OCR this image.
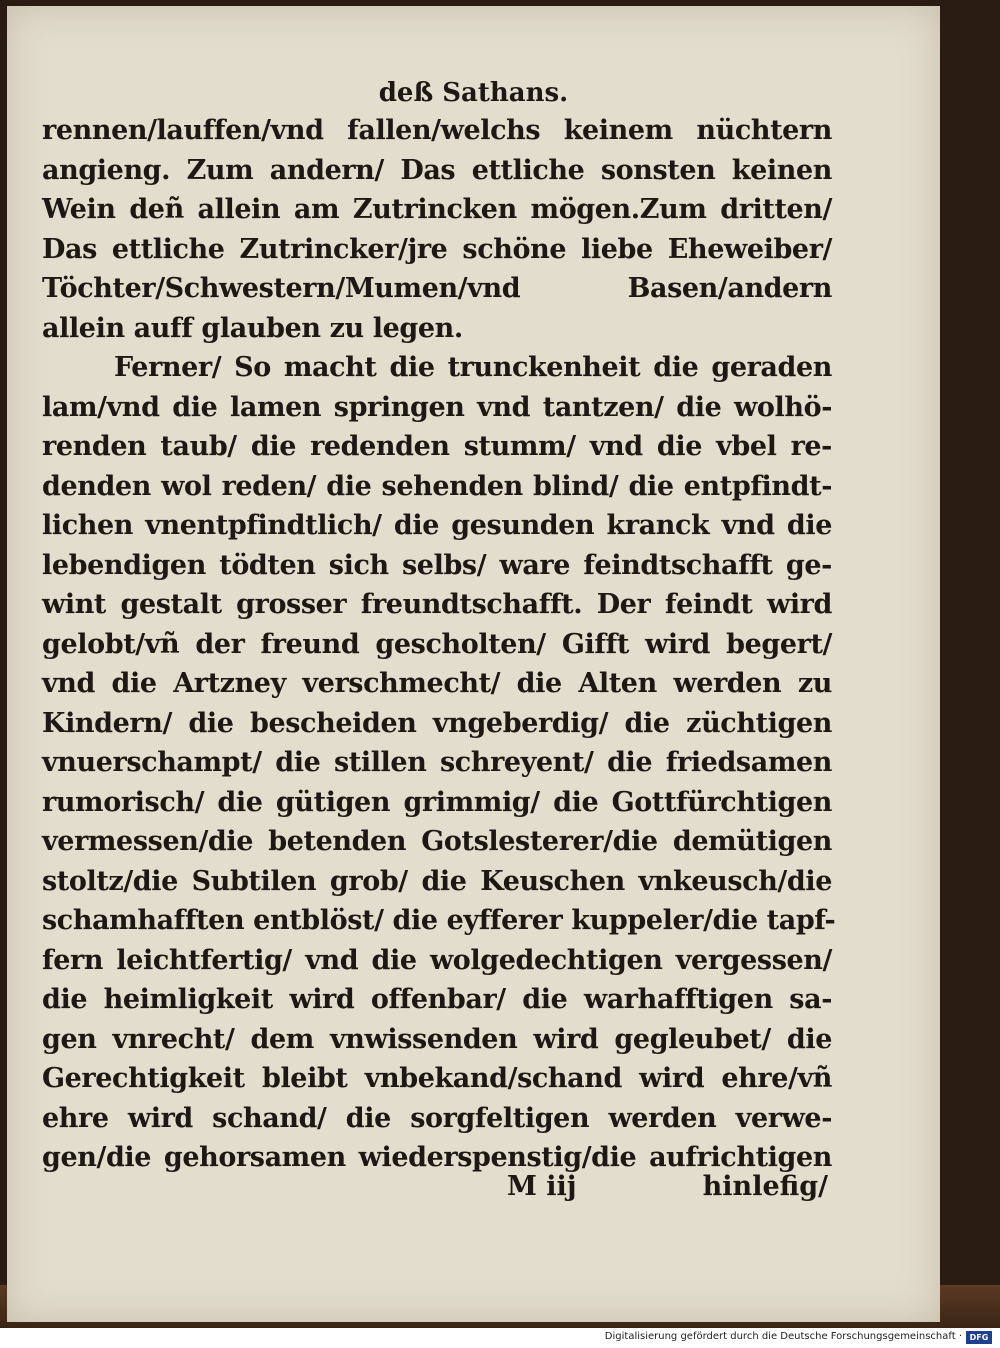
deß Sathans.
rennen/lauffen/vnd fallen/welchs keinem nüchtern
angieng. Zum andern/ Das ettliche sonsten keinen
Wein deñ allein am Zutrincken mögen.Zum dritten/
Das ettliche Zutrincker/jre schöne liebe Eheweiber/
Töchter/Schwestern/Mumen/vnd Basen/andern
allein auff glauben zu legen.
Ferner/ So macht die trunckenheit die geraden
lam/vnd die lamen springen vnd tantzen/ die wolhö-
renden taub/ die redenden stumm/ vnd die vbel re-
denden wol reden/ die sehenden blind/ die entpfindt-
lichen vnentpfindtlich/ die gesunden kranck vnd die
lebendigen tödten sich selbs/ ware feindtschafft ge-
wint gestalt grosser freundtschafft. Der feindt wird
gelobt/vñ der freund gescholten/ Gifft wird begert/
vnd die Artzney verschmecht/ die Alten werden zu
Kindern/ die bescheiden vngeberdig/ die züchtigen
vnuerschampt/ die stillen schreyent/ die friedsamen
rumorisch/ die gütigen grimmig/ die Gottfürchtigen
vermessen/die betenden Gotslesterer/die demütigen
stoltz/die Subtilen grob/ die Keuschen vnkeusch/die
schamhafften entblöst/ die eyfferer kuppeler/die tapf-
fern leichtfertig/ vnd die wolgedechtigen vergessen/
die heimligkeit wird offenbar/ die warhafftigen sa-
gen vnrecht/ dem vnwissenden wird gegleubet/ die
Gerechtigkeit bleibt vnbekand/schand wird ehre/vñ
ehre wird schand/ die sorgfeltigen werden verwe-
gen/die gehorsamen wiederspenstig/die aufrichtigen
M iij	hinlefig/
Digitalisierung gefördert durch die Deutsche Forschungsgemeinschaft · DFG
